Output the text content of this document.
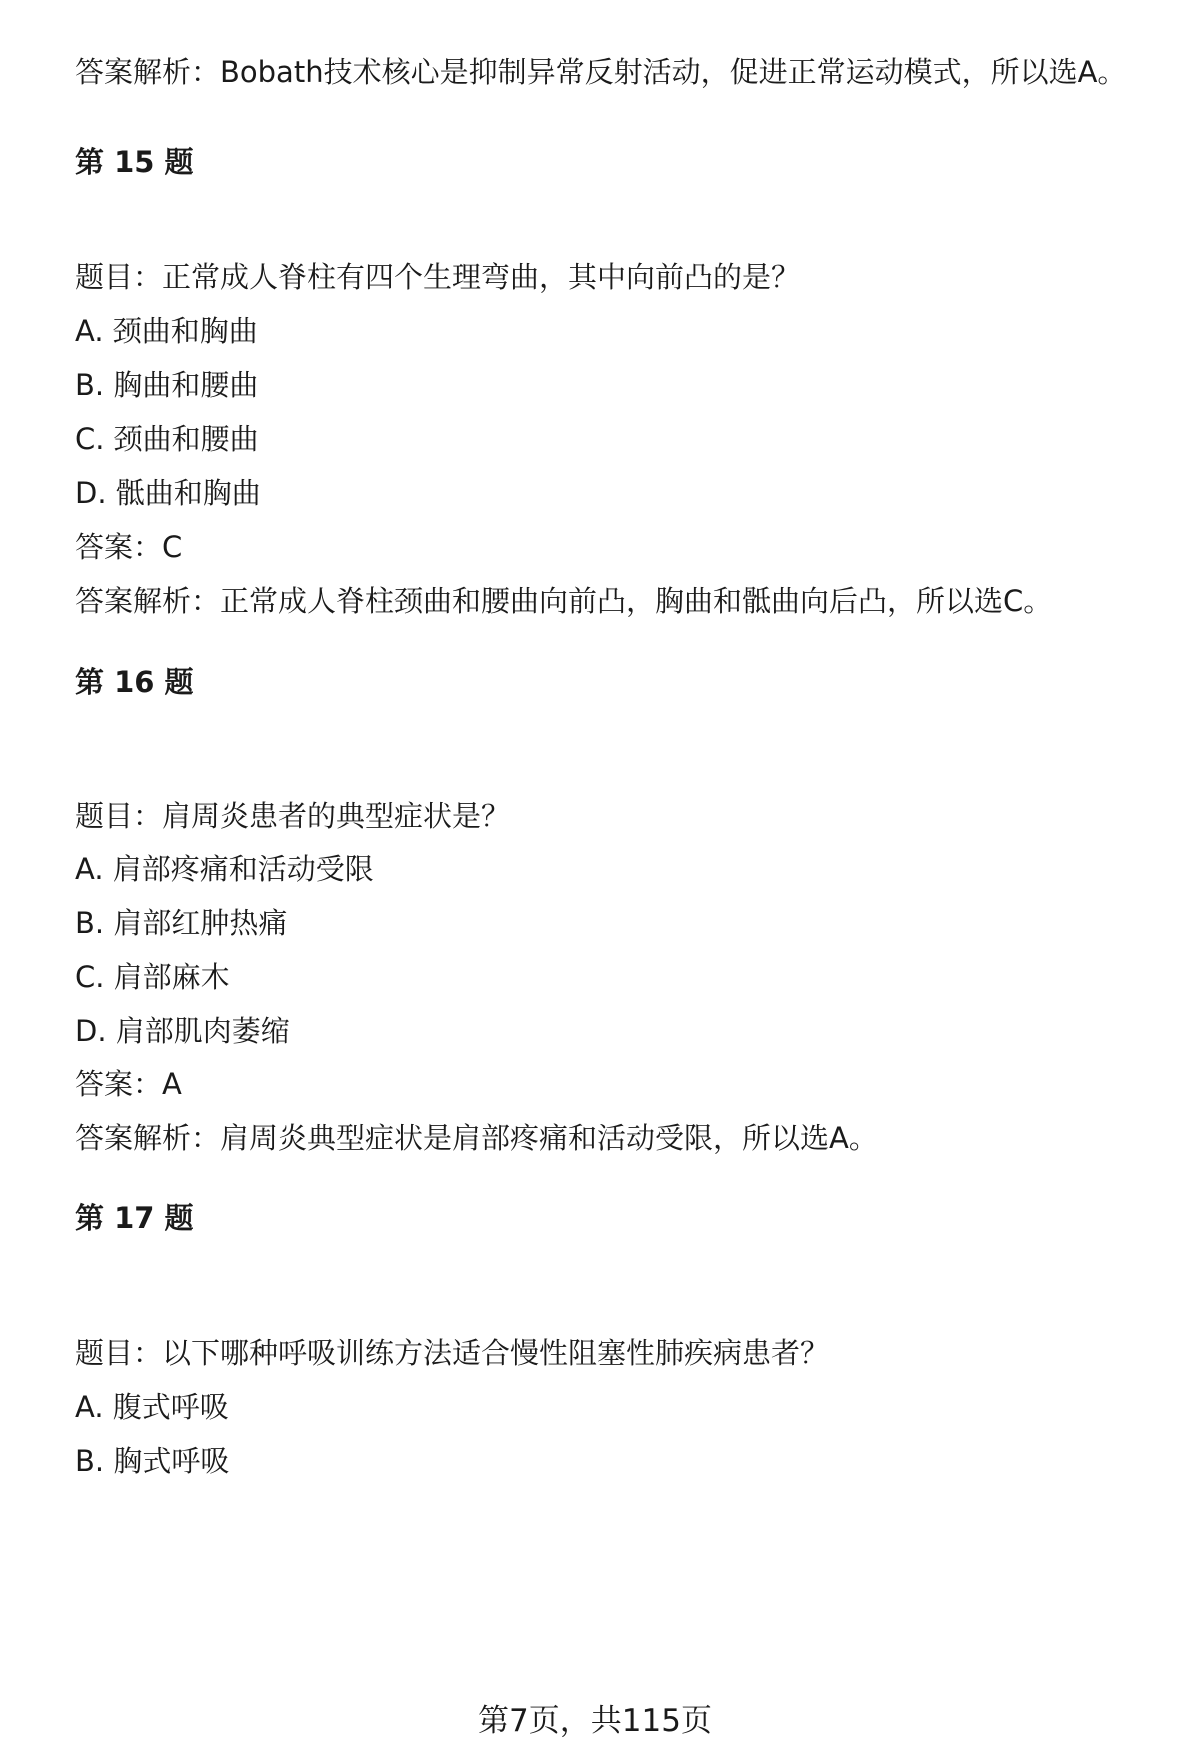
答案解析：Bobath技术核心是抑制异常反射活动，促进正常运动模式，所以选A。
第 15 题
题目：正常成人脊柱有四个生理弯曲，其中向前凸的是？
A. 颈曲和胸曲
B. 胸曲和腰曲
C. 颈曲和腰曲
D. 骶曲和胸曲
答案：C
答案解析：正常成人脊柱颈曲和腰曲向前凸，胸曲和骶曲向后凸，所以选C。
第 16 题
题目：肩周炎患者的典型症状是？
A. 肩部疼痛和活动受限
B. 肩部红肿热痛
C. 肩部麻木
D. 肩部肌肉萎缩
答案：A
答案解析：肩周炎典型症状是肩部疼痛和活动受限，所以选A。
第 17 题
题目：以下哪种呼吸训练方法适合慢性阻塞性肺疾病患者？
A. 腹式呼吸
B. 胸式呼吸
第7页，共115页
